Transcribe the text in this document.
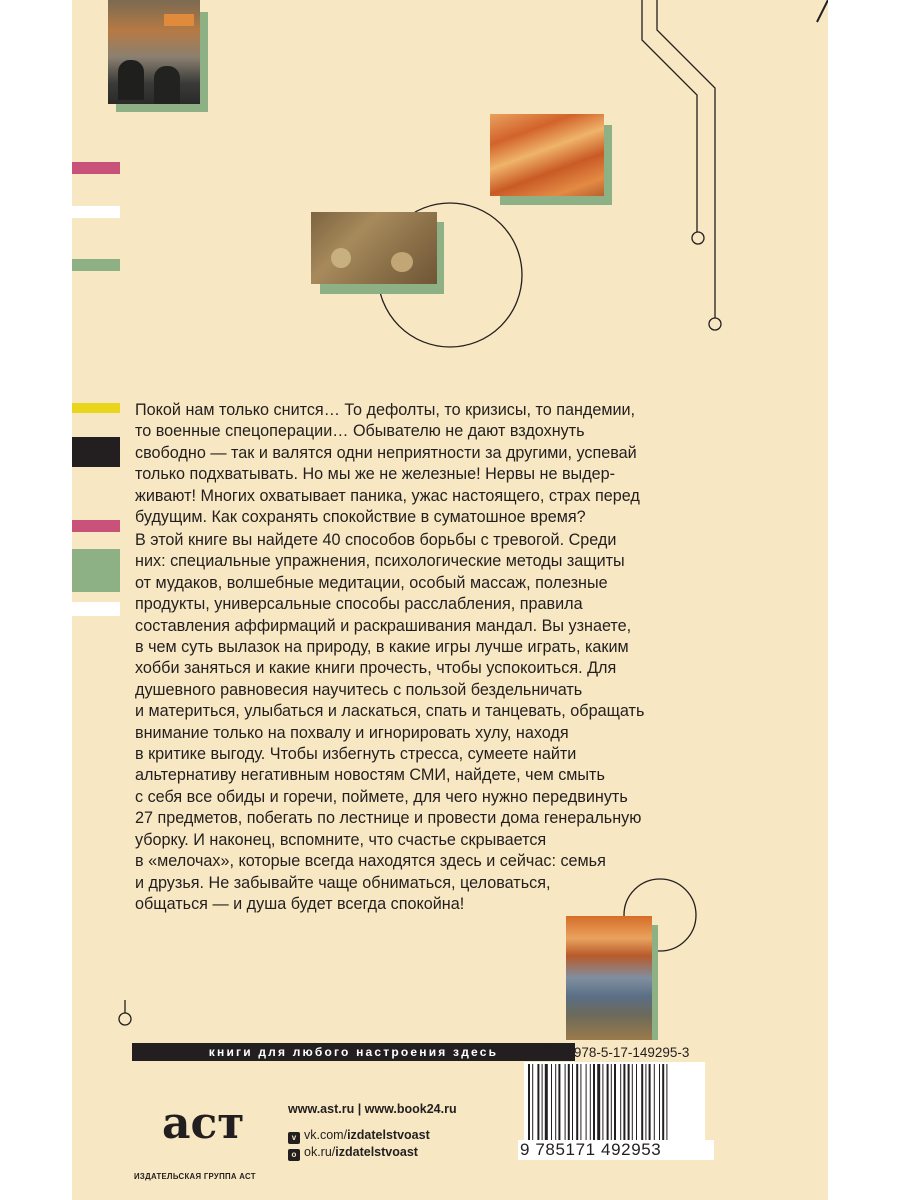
Покой нам только снится… То дефолты, то кризисы, то пандемии,
то военные спецоперации… Обывателю не дают вздохнуть
свободно — так и валятся одни неприятности за другими, успевай
только подхватывать. Но мы же не железные! Нервы не выдер-
живают! Многих охватывает паника, ужас настоящего, страх перед
будущим. Как сохранять спокойствие в суматошное время?
В этой книге вы найдете 40 способов борьбы с тревогой. Среди
них: специальные упражнения, психологические методы защиты
от мудаков, волшебные медитации, особый массаж, полезные
продукты, универсальные способы расслабления, правила
составления аффирмаций и раскрашивания мандал. Вы узнаете,
в чем суть вылазок на природу, в какие игры лучше играть, каким
хобби заняться и какие книги прочесть, чтобы успокоиться. Для
душевного равновесия научитесь с пользой бездельничать
и материться, улыбаться и ласкаться, спать и танцевать, обращать
внимание только на похвалу и игнорировать хулу, находя
в критике выгоду. Чтобы избегнуть стресса, сумеете найти
альтернативу негативным новостям СМИ, найдете, чем смыть
с себя все обиды и горечи, поймете, для чего нужно передвинуть
27 предметов, побегать по лестнице и провести дома генеральную
уборку. И наконец, вспомните, что счастье скрывается
в «мелочах», которые всегда находятся здесь и сейчас: семья
и друзья. Не забывайте чаще обниматься, целоваться,
общаться — и душа будет всегда спокойна!
книги для любого настроения здесь
аст
ИЗДАТЕЛЬСКАЯ ГРУППА АСТ
www.ast.ru | www.book24.ru
v vk.com/izdatelstvoast
o ok.ru/izdatelstvoast
ISBN 978-5-17-149295-3
9 785171 492953
